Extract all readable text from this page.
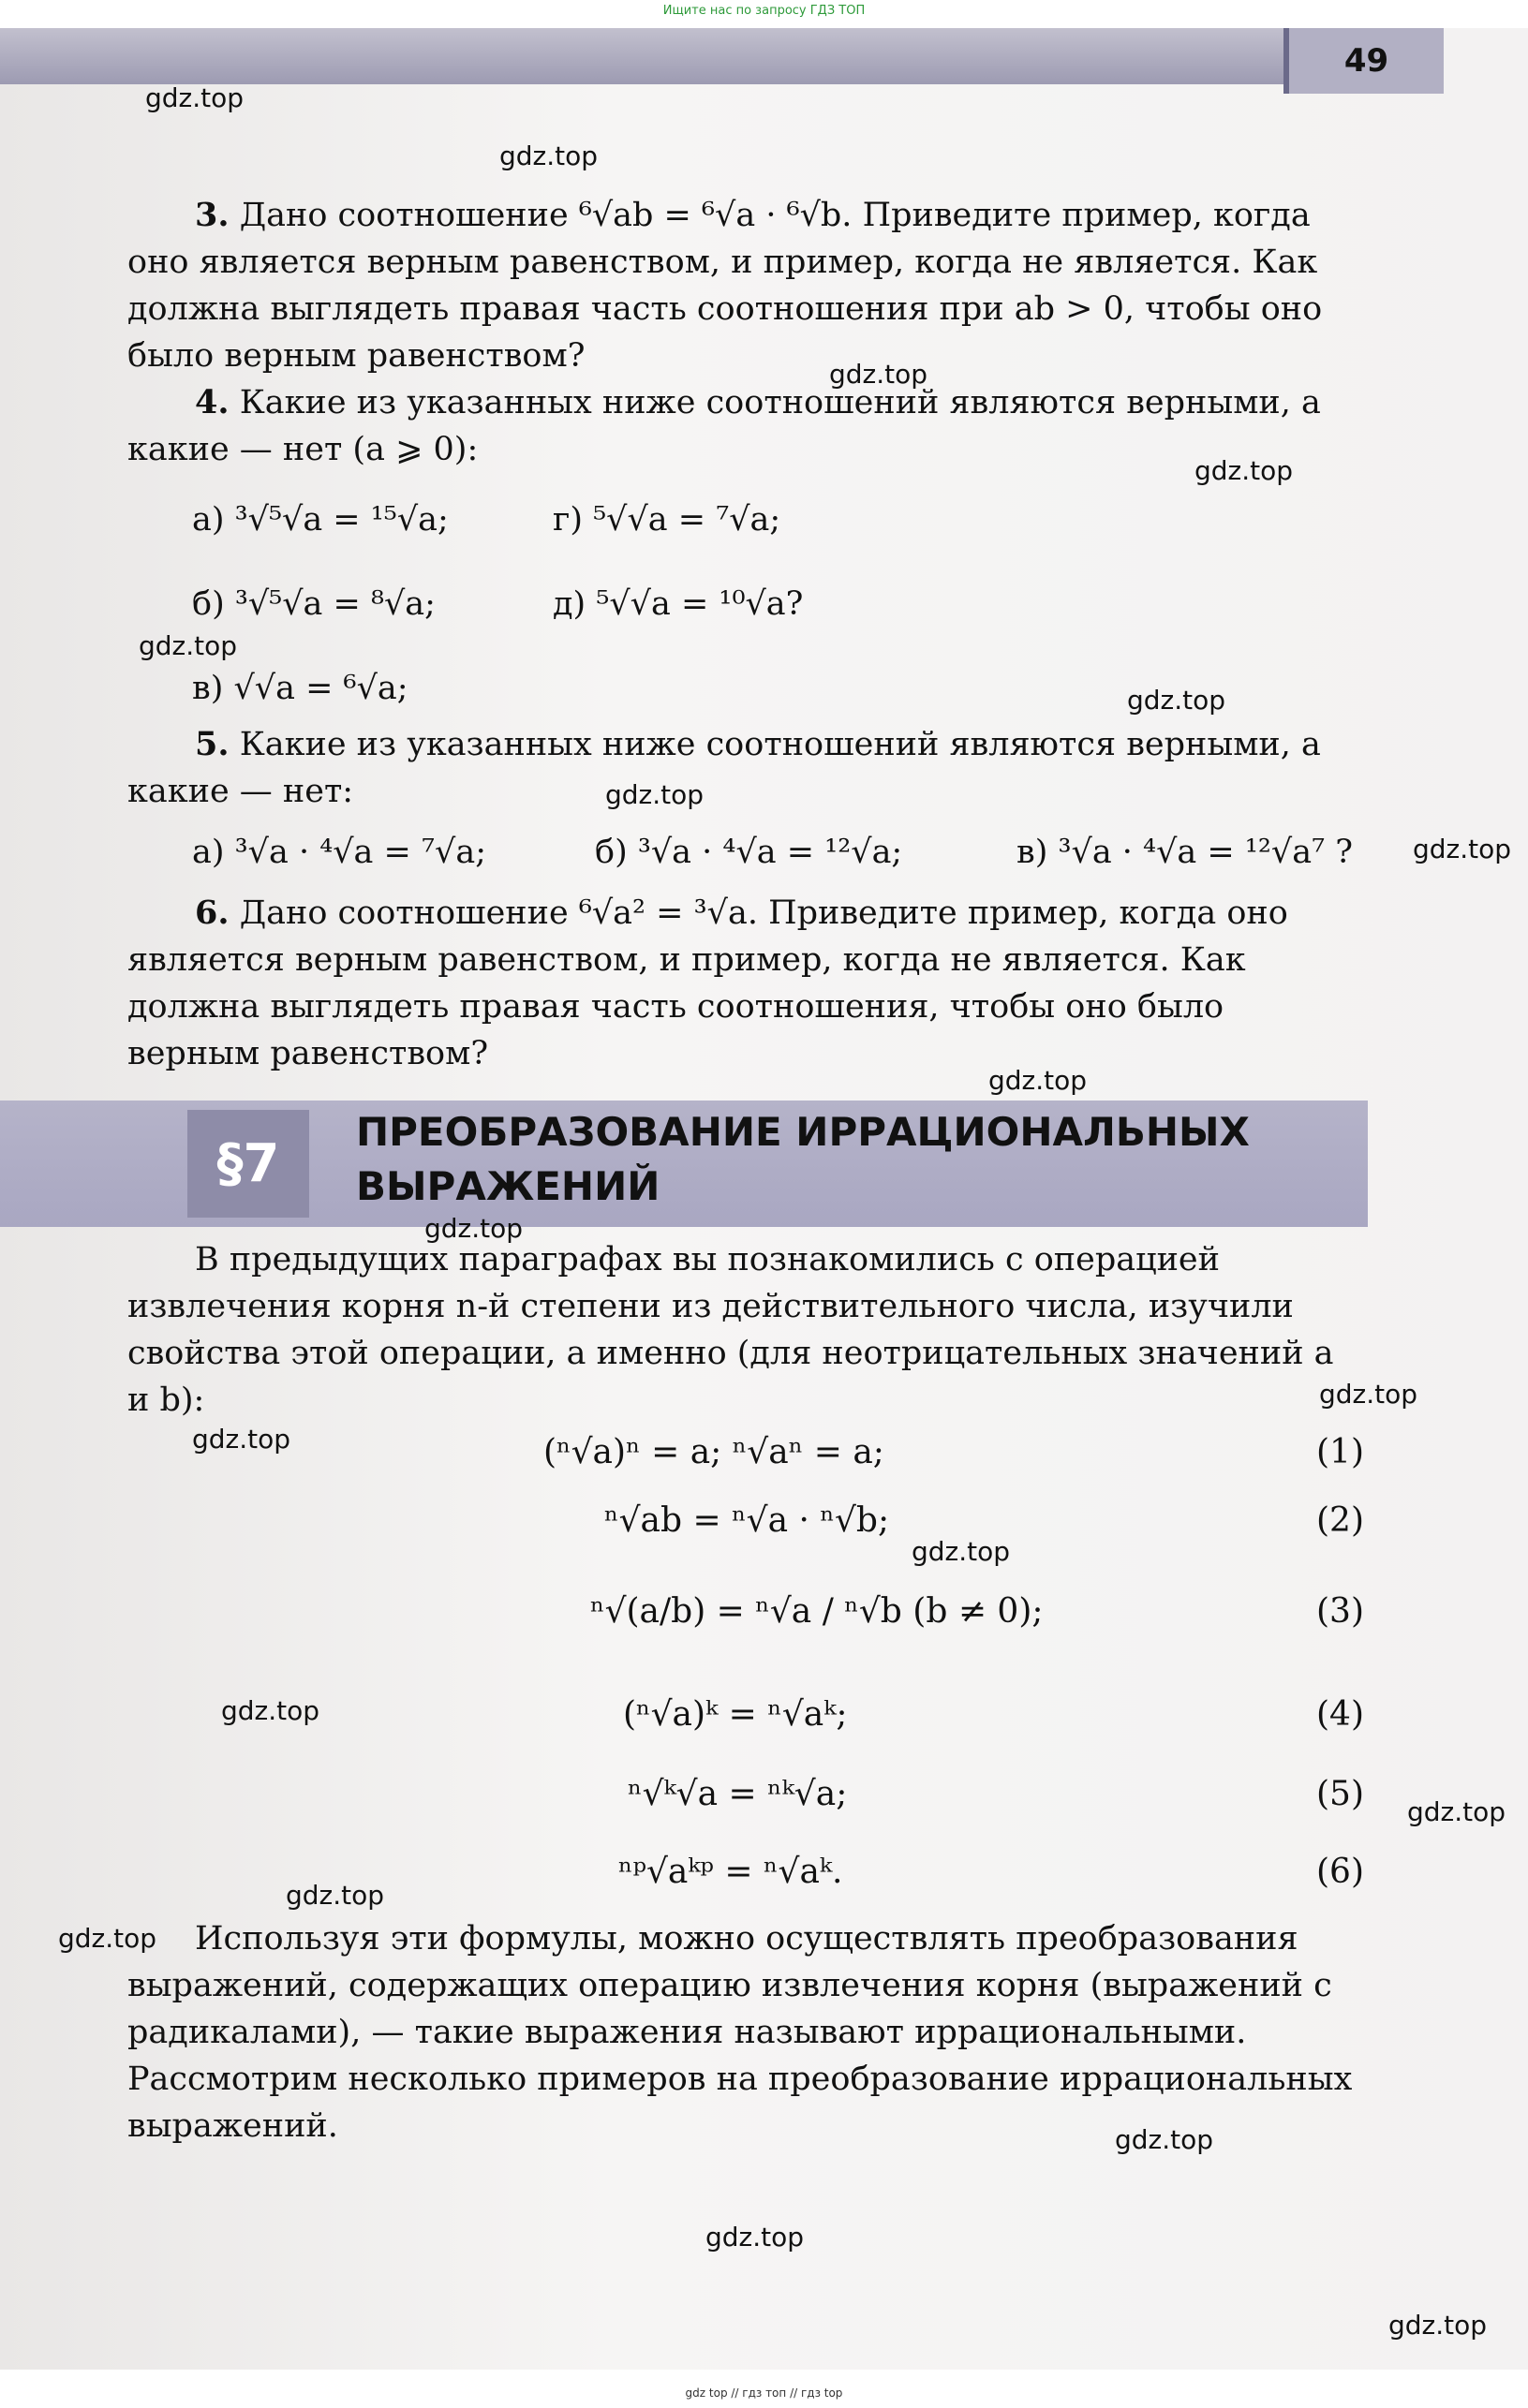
Ищите нас по запросу ГДЗ ТОП
49
3. Дано соотношение ⁶√ab = ⁶√a · ⁶√b. Приведите пример, когда оно является верным равенством, и пример, когда не является. Как должна выглядеть правая часть соотношения при ab > 0, чтобы оно было верным равенством?
4. Какие из указанных ниже соотношений являются верными, а какие — нет (a ⩾ 0):
а) ³√⁵√a = ¹⁵√a;	г) ⁵√√a = ⁷√a;
б) ³√⁵√a = ⁸√a;	д) ⁵√√a = ¹⁰√a?
в) √√a = ⁶√a;
5. Какие из указанных ниже соотношений являются верными, а какие — нет:
а) ³√a · ⁴√a = ⁷√a;	б) ³√a · ⁴√a = ¹²√a;	в) ³√a · ⁴√a = ¹²√a⁷ ?
6. Дано соотношение ⁶√a² = ³√a. Приведите пример, когда оно является верным равенством, и пример, когда не является. Как должна выглядеть правая часть соотношения, чтобы оно было верным равенством?
§7
ПРЕОБРАЗОВАНИЕ ИРРАЦИОНАЛЬНЫХ ВЫРАЖЕНИЙ
В предыдущих параграфах вы познакомились с операцией извлечения корня n-й степени из действительного числа, изучили свойства этой операции, а именно (для неотрицательных значений a и b):
(ⁿ√a)ⁿ = a; ⁿ√aⁿ = a;	(1)
ⁿ√ab = ⁿ√a · ⁿ√b;	(2)
ⁿ√(a/b) = ⁿ√a / ⁿ√b (b ≠ 0);	(3)
(ⁿ√a)ᵏ = ⁿ√aᵏ;	(4)
ⁿ√ᵏ√a = ⁿᵏ√a;	(5)
ⁿᵖ√aᵏᵖ = ⁿ√aᵏ.	(6)
Используя эти формулы, можно осуществлять преобразования выражений, содержащих операцию извлечения корня (выражений с радикалами), — такие выражения называют иррациональными. Рассмотрим несколько примеров на преобразование иррациональных выражений.
gdz.top
gdz.top
gdz.top
gdz.top
gdz.top
gdz.top
gdz.top
gdz.top
gdz.top
gdz.top
gdz.top
gdz.top
gdz.top
gdz.top
gdz.top
gdz.top
gdz.top
gdz.top
gdz.top
gdz.top
gdz top // гдз топ // гдз top
